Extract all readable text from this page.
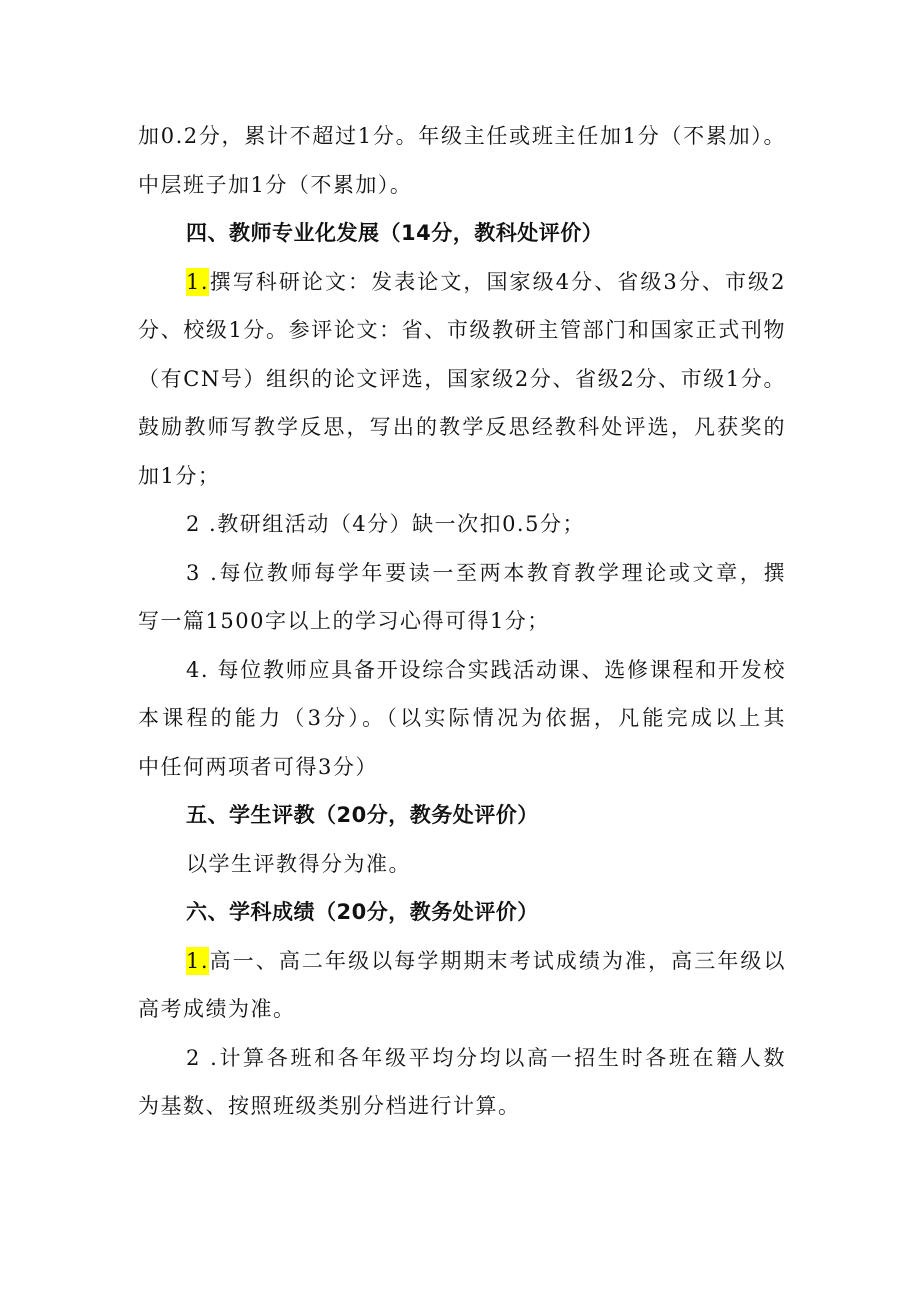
加0.2分，累计不超过1分。年级主任或班主任加1分（不累加）。
中层班子加1分（不累加）。
四、教师专业化发展（14分，教科处评价）
1.撰写科研论文：发表论文，国家级4分、省级3分、市级2
分、校级1分。参评论文：省、市级教研主管部门和国家正式刊物
（有CN号）组织的论文评选，国家级2分、省级2分、市级1分。
鼓励教师写教学反思，写出的教学反思经教科处评选，凡获奖的
加1分；
2 .教研组活动（4分）缺一次扣0.5分；
3 .每位教师每学年要读一至两本教育教学理论或文章，撰
写一篇1500字以上的学习心得可得1分；
4. 每位教师应具备开设综合实践活动课、选修课程和开发校
本课程的能力（3分）。（以实际情况为依据，凡能完成以上其
中任何两项者可得3分）
五、学生评教（20分，教务处评价）
以学生评教得分为准。
六、学科成绩（20分，教务处评价）
1.高一、高二年级以每学期期末考试成绩为准，高三年级以
高考成绩为准。
2 .计算各班和各年级平均分均以高一招生时各班在籍人数
为基数、按照班级类别分档进行计算。
